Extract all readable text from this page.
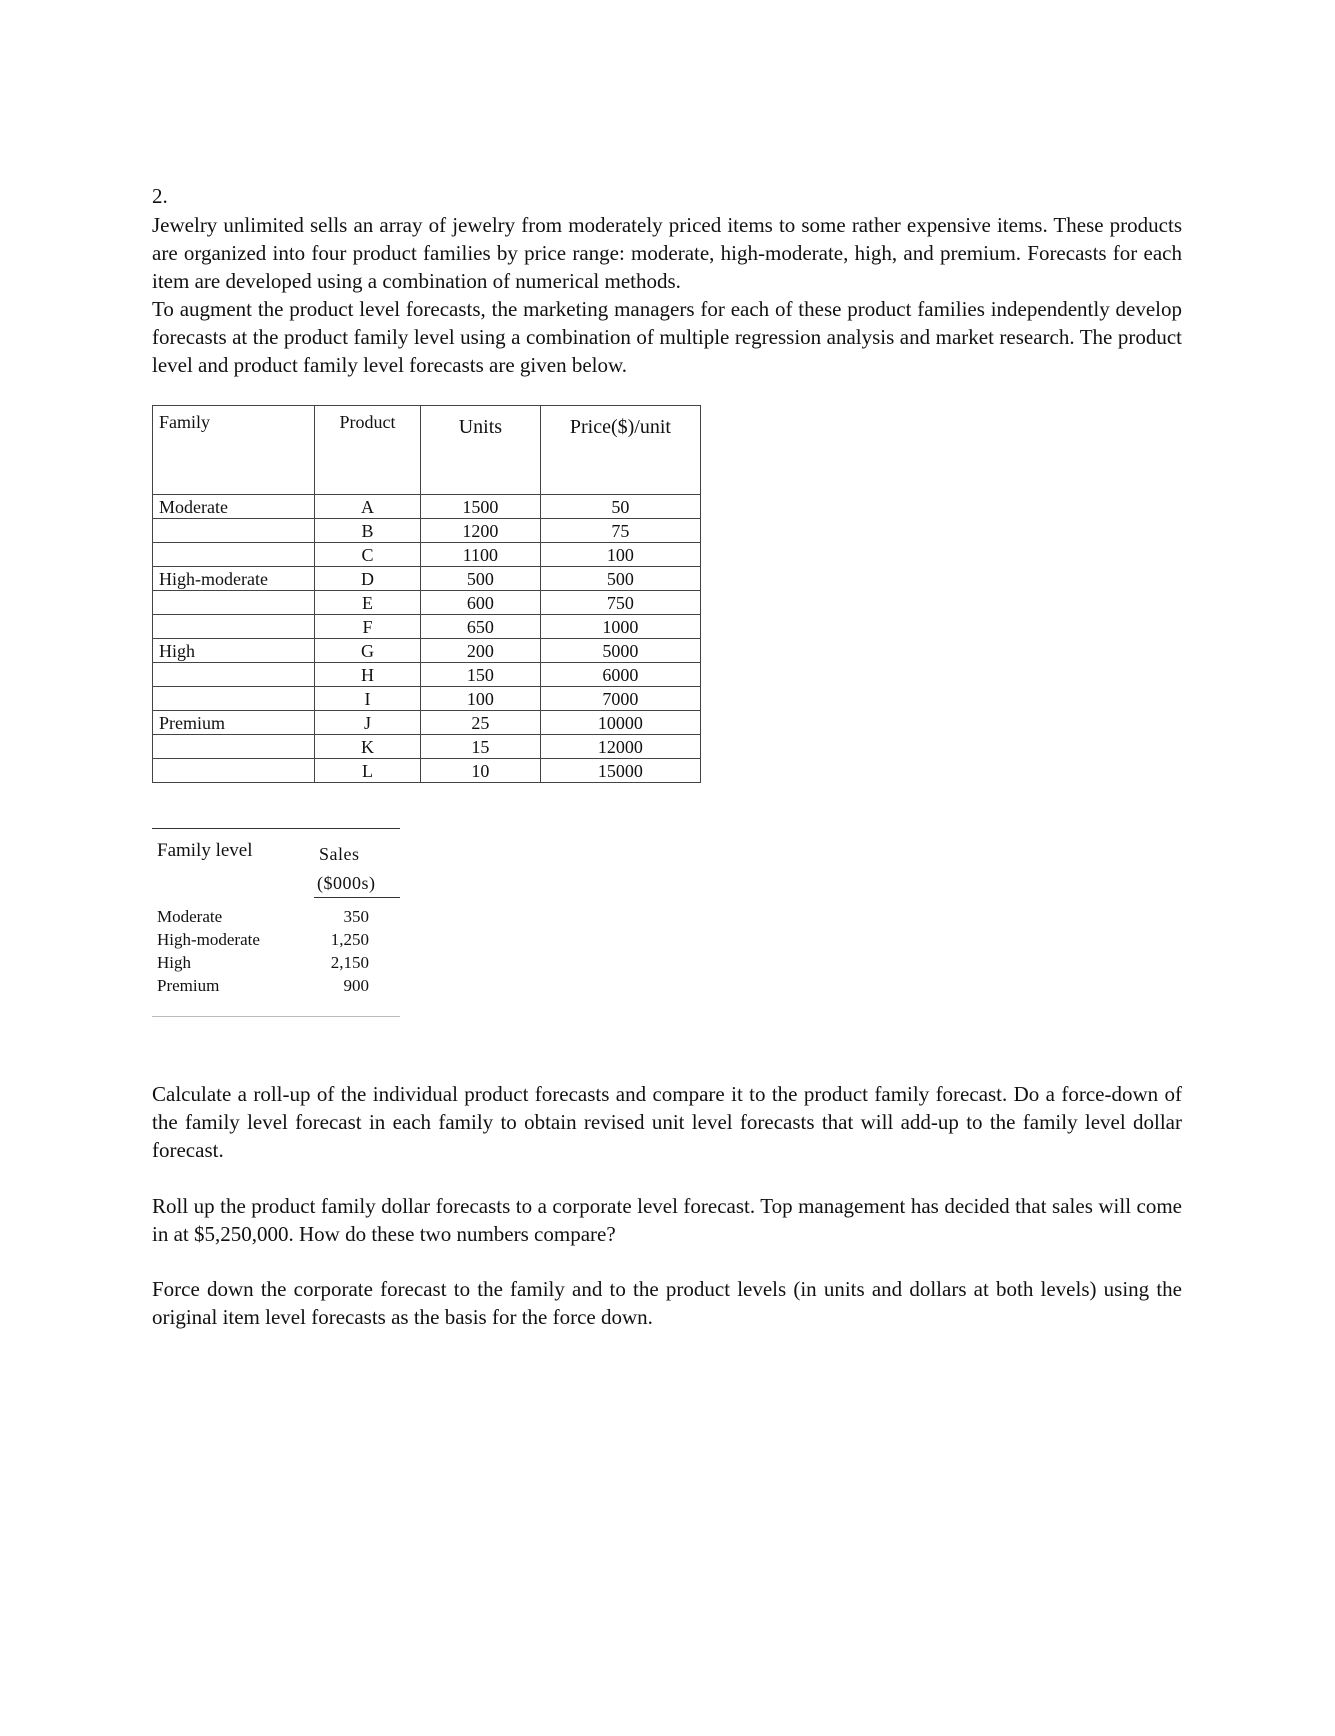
2.
Jewelry unlimited sells an array of jewelry from moderately priced items to some rather expensive items. These products are organized into four product families by price range: moderate, high-moderate, high, and premium. Forecasts for each item are developed using a combination of numerical methods.
To augment the product level forecasts, the marketing managers for each of these product families independently develop forecasts at the product family level using a combination of multiple regression analysis and market research. The product level and product family level forecasts are given below.
Family	Product	Units	Price($)/unit
Moderate	A	1500	50
	B	1200	75
	C	1100	100
High-moderate	D	500	500
	E	600	750
	F	650	1000
High	G	200	5000
	H	150	6000
	I	100	7000
Premium	J	25	10000
	K	15	12000
	L	10	15000
Family level	Sales
($000s)
Moderate	350
High-moderate	1,250
High	2,150
Premium	900
Calculate a roll-up of the individual product forecasts and compare it to the product family forecast. Do a force-down of the family level forecast in each family to obtain revised unit level forecasts that will add-up to the family level dollar forecast.
Roll up the product family dollar forecasts to a corporate level forecast. Top management has decided that sales will come in at $5,250,000. How do these two numbers compare?
Force down the corporate forecast to the family and to the product levels (in units and dollars at both levels) using the original item level forecasts as the basis for the force down.
